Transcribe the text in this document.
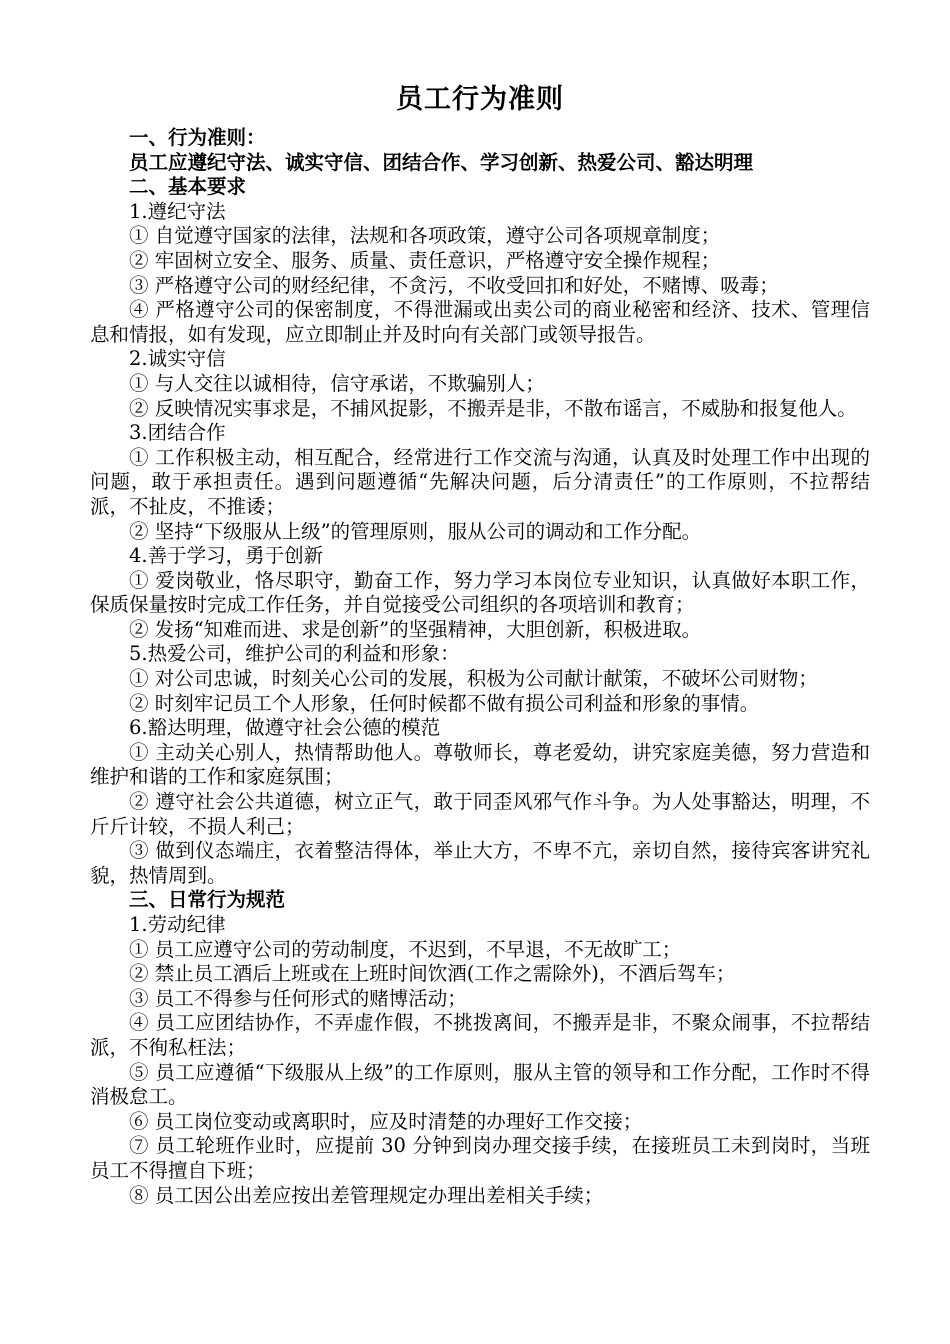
员工行为准则

一、行为准则：

员工应遵纪守法、诚实守信、团结合作、学习创新、热爱公司、豁达明理

二、基本要求

1.遵纪守法

① 自觉遵守国家的法律，法规和各项政策，遵守公司各项规章制度；

② 牢固树立安全、服务、质量、责任意识，严格遵守安全操作规程；

③ 严格遵守公司的财经纪律，不贪污，不收受回扣和好处，不赌博、吸毒；

④ 严格遵守公司的保密制度，不得泄漏或出卖公司的商业秘密和经济、技术、管理信息和情报，如有发现，应立即制止并及时向有关部门或领导报告。

2.诚实守信

① 与人交往以诚相待，信守承诺，不欺骗别人；

② 反映情况实事求是，不捕风捉影，不搬弄是非，不散布谣言，不威胁和报复他人。

3.团结合作

① 工作积极主动，相互配合，经常进行工作交流与沟通，认真及时处理工作中出现的问题，敢于承担责任。遇到问题遵循“先解决问题，后分清责任”的工作原则，不拉帮结派，不扯皮，不推诿；

② 坚持“下级服从上级”的管理原则，服从公司的调动和工作分配。

4.善于学习，勇于创新

① 爱岗敬业，恪尽职守，勤奋工作，努力学习本岗位专业知识，认真做好本职工作，保质保量按时完成工作任务，并自觉接受公司组织的各项培训和教育；

② 发扬“知难而进、求是创新”的坚强精神，大胆创新，积极进取。

5.热爱公司，维护公司的利益和形象：

① 对公司忠诚，时刻关心公司的发展，积极为公司献计献策，不破坏公司财物；

② 时刻牢记员工个人形象，任何时候都不做有损公司利益和形象的事情。

6.豁达明理，做遵守社会公德的模范

① 主动关心别人，热情帮助他人。尊敬师长，尊老爱幼，讲究家庭美德，努力营造和维护和谐的工作和家庭氛围；

② 遵守社会公共道德，树立正气，敢于同歪风邪气作斗争。为人处事豁达，明理，不斤斤计较，不损人利己；

③ 做到仪态端庄，衣着整洁得体，举止大方，不卑不亢，亲切自然，接待宾客讲究礼貌，热情周到。

三、日常行为规范

1.劳动纪律

① 员工应遵守公司的劳动制度，不迟到，不早退，不无故旷工；

② 禁止员工酒后上班或在上班时间饮酒(工作之需除外)，不酒后驾车；

③ 员工不得参与任何形式的赌博活动；

④ 员工应团结协作，不弄虚作假，不挑拨离间，不搬弄是非，不聚众闹事，不拉帮结派，不徇私枉法；

⑤ 员工应遵循“下级服从上级”的工作原则，服从主管的领导和工作分配，工作时不得消极怠工。

⑥ 员工岗位变动或离职时，应及时清楚的办理好工作交接；

⑦ 员工轮班作业时，应提前 30 分钟到岗办理交接手续，在接班员工未到岗时，当班员工不得擅自下班；

⑧ 员工因公出差应按出差管理规定办理出差相关手续；
